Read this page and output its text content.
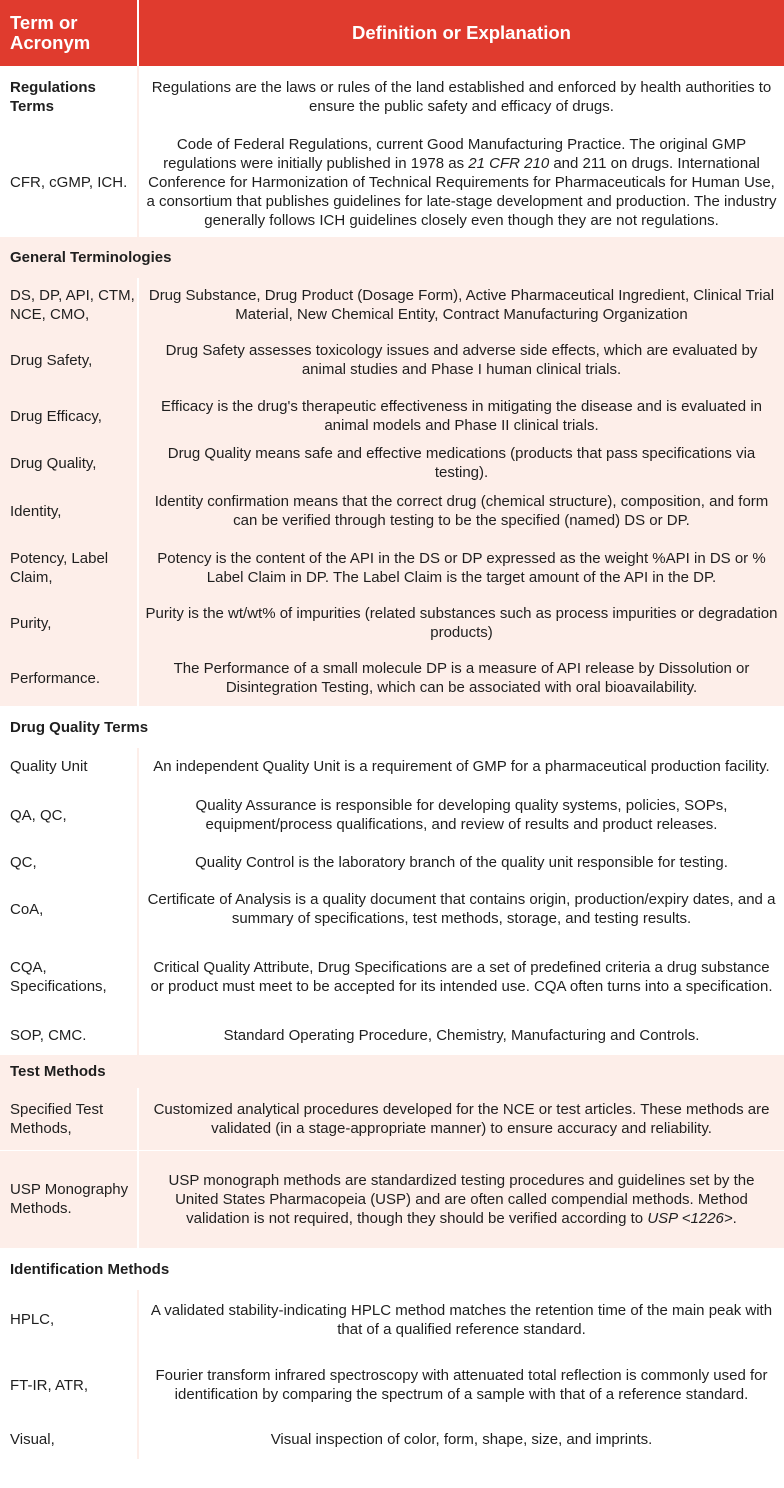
Term or Acronym	Definition or Explanation
Regulations Terms	Regulations are the laws or rules of the land established and enforced by health authorities to ensure the public safety and efficacy of drugs.
CFR, cGMP, ICH.	Code of Federal Regulations, current Good Manufacturing Practice. The original GMP regulations were initially published in 1978 as 21 CFR 210 and 211 on drugs. International Conference for Harmonization of Technical Requirements for Pharmaceuticals for Human Use, a consortium that publishes guidelines for late-stage development and production. The industry generally follows ICH guidelines closely even though they are not regulations.
General Terminologies	
DS, DP, API, CTM, NCE, CMO,	Drug Substance, Drug Product (Dosage Form), Active Pharmaceutical Ingredient, Clinical Trial Material, New Chemical Entity, Contract Manufacturing Organization
Drug Safety,	Drug Safety assesses toxicology issues and adverse side effects, which are evaluated by animal studies and Phase I human clinical trials.
Drug Efficacy,	Efficacy is the drug's therapeutic effectiveness in mitigating the disease and is evaluated in animal models and Phase II clinical trials.
Drug Quality,	Drug Quality means safe and effective medications (products that pass specifications via testing).
Identity,	Identity confirmation means that the correct drug (chemical structure), composition, and form can be verified through testing to be the specified (named) DS or DP.
Potency, Label Claim,	Potency is the content of the API in the DS or DP expressed as the weight %API in DS or % Label Claim in DP. The Label Claim is the target amount of the API in the DP.
Purity,	Purity is the wt/wt% of impurities (related substances such as process impurities or degradation products)
Performance.	The Performance of a small molecule DP is a measure of API release by Dissolution or Disintegration Testing, which can be associated with oral bioavailability.
Drug Quality Terms	
Quality Unit	An independent Quality Unit is a requirement of GMP for a pharmaceutical production facility.
QA, QC,	Quality Assurance is responsible for developing quality systems, policies, SOPs, equipment/process qualifications, and review of results and product releases.
QC,	Quality Control is the laboratory branch of the quality unit responsible for testing.
CoA,	Certificate of Analysis is a quality document that contains origin, production/expiry dates, and a summary of specifications, test methods, storage, and testing results.
CQA, Specifications,	Critical Quality Attribute, Drug Specifications are a set of predefined criteria a drug substance or product must meet to be accepted for its intended use. CQA often turns into a specification.
SOP, CMC.	Standard Operating Procedure, Chemistry, Manufacturing and Controls.
Test Methods	
Specified Test Methods,	Customized analytical procedures developed for the NCE or test articles. These methods are validated (in a stage-appropriate manner) to ensure accuracy and reliability.
USP Monography Methods.	USP monograph methods are standardized testing procedures and guidelines set by the United States Pharmacopeia (USP) and are often called compendial methods. Method validation is not required, though they should be verified according to USP <1226>.
Identification Methods	
HPLC,	A validated stability-indicating HPLC method matches the retention time of the main peak with that of a qualified reference standard.
FT-IR, ATR,	Fourier transform infrared spectroscopy with attenuated total reflection is commonly used for identification by comparing the spectrum of a sample with that of a reference standard.
Visual,	Visual inspection of color, form, shape, size, and imprints.
